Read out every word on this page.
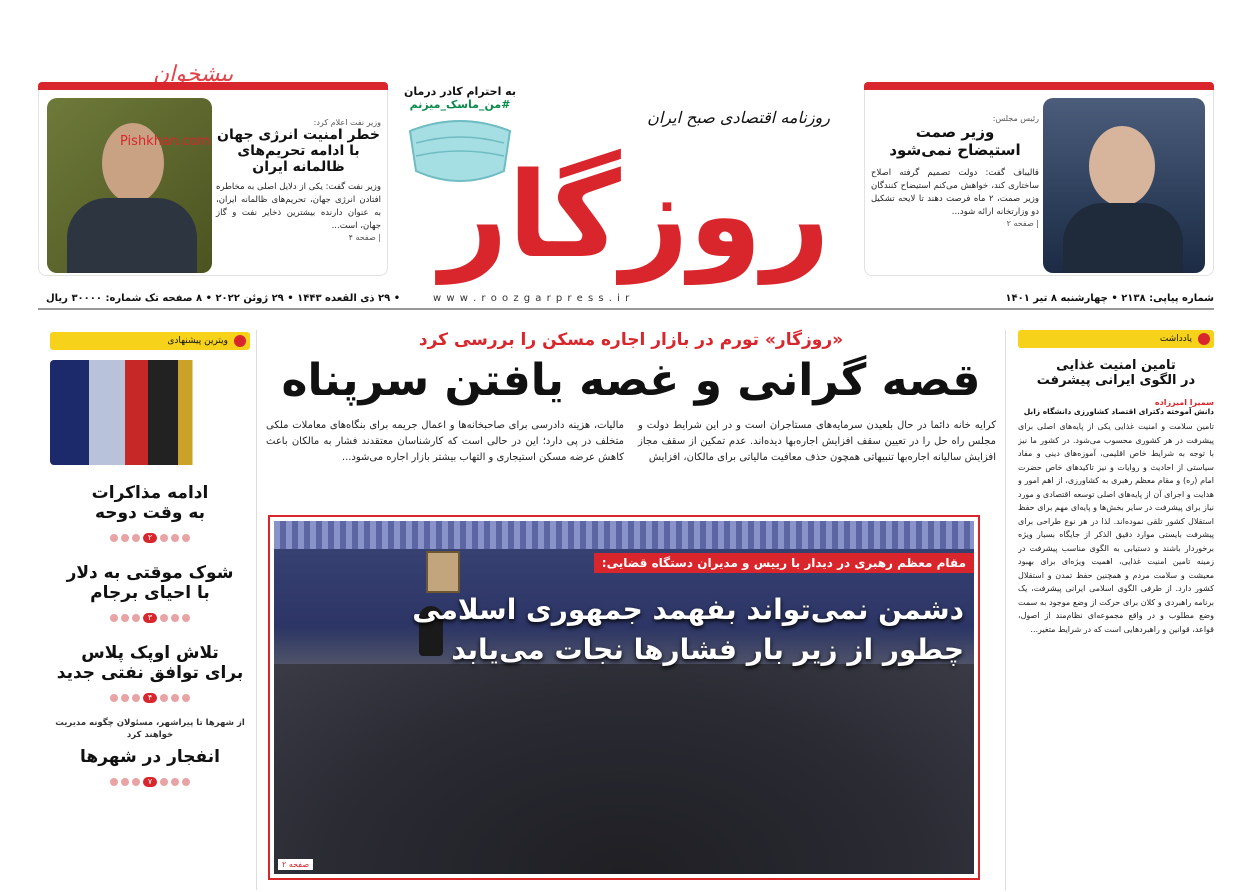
رئیس مجلس:
وزیر صمت
استیضاح نمی‌شود
قالیباف گفت: دولت تصمیم گرفته اصلاح ساختاری کند، خواهش می‌کنم استیضاح کنندگان وزیر صمت، ۲ ماه فرصت دهند تا لایحه تشکیل دو وزارتخانه ارائه شود...
| صفحه ۲
به احترام کادر درمان
#من_ماسک_میزنم
روزنامه اقتصادی صبح ایران
روزگار
وزیر نفت اعلام کرد:
خطر امنیت انرژی جهان
با ادامه تحریم‌های
ظالمانه ایران
وزیر نفت گفت: یکی از دلایل اصلی به مخاطره افتادن انرژی جهان، تحریم‌های ظالمانه ایران، به عنوان دارنده بیشترین ذخایر نفت و گاز جهان، است...
| صفحه ۴
پیشخوان
Pishkhan.com
شماره پیاپی: ۲۱۳۸ • چهارشنبه ۸ تیر ۱۴۰۱
w w w . r o o z g a r p r e s s . i r
• ۲۹ ذی القعده ۱۴۴۳ • ۲۹ ژوئن ۲۰۲۲ • ۸ صفحه تک شماره: ۳۰۰۰۰ ریال
یادداشت
تامین امنیت غذایی
در الگوی ایرانی پیشرفت
سمیرا امیرزاده
دانش آموخته دکترای اقتصاد کشاورزی دانشگاه زابل
تامین سلامت و امنیت غذایی یکی از پایه‌های اصلی برای پیشرفت در هر کشوری محسوب می‌شود. در کشور ما نیز با توجه به شرایط خاص اقلیمی، آموزه‌های دینی و مفاد سیاستی از احادیث و روایات و نیز تاکیدهای خاص حضرت امام (ره) و مقام معظم رهبری به کشاورزی، از اهم امور و هدایت و اجرای آن از پایه‌های اصلی توسعه اقتصادی و مورد نیاز برای پیشرفت در سایر بخش‌ها و پایه‌ای مهم برای حفظ استقلال کشور تلقی نموده‌اند. لذا در هر نوع طراحی برای پیشرفت بایستی موارد دقیق الذکر از جایگاه بسیار ویژه برخوردار باشند و دستیابی به الگوی مناسب پیشرفت در زمینه تامین امنیت غذایی، اهمیت ویژه‌ای برای بهبود معیشت و سلامت مردم و همچنین حفظ تمدن و استقلال کشور دارد. از طرفی الگوی اسلامی ایرانی پیشرفت، یک برنامه راهبردی و کلان برای حرکت از وضع موجود به سمت وضع مطلوب و در واقع مجموعه‌ای نظام‌مند از اصول، قواعد، قوانین و راهبردهایی است که در شرایط متغیر...
ویترین پیشنهادی
ادامه مذاکرات
به وقت دوحه
۲
شوک موقتی به دلار
با احیای برجام
۳
تلاش اوپک پلاس
برای توافق نفتی جدید
۴
از شهرها تا پیراشهر، مسئولان چگونه مدیریت خواهند کرد
انفجار در شهرها
۷
«روزگار» تورم در بازار اجاره مسکن را بررسی کرد
قصه گرانی و غصه یافتن سرپناه
کرایه خانه دائما در حال بلعیدن سرمایه‌های مستاجران است و در این شرایط دولت و مجلس راه حل را در تعیین سقف افزایش اجاره‌بها دیده‌اند. عدم تمکین از سقف مجاز افزایش سالیانه اجاره‌بها تنبیهاتی همچون حذف معافیت مالیاتی برای مالکان، افزایش
مالیات، هزینه دادرسی برای صاحبخانه‌ها و اعمال جریمه برای بنگاه‌های معاملات ملکی متخلف در پی دارد؛ این در حالی است که کارشناسان معتقدند فشار به مالکان باعث کاهش عرضه مسکن استیجاری و التهاب بیشتر بازار اجاره می‌شود...
مقام معظم رهبری در دیدار با رییس و مدیران دستگاه قضایی:
دشمن نمی‌تواند بفهمد جمهوری اسلامی
چطور از زیر بار فشارها نجات می‌یابد
صفحه ۲
